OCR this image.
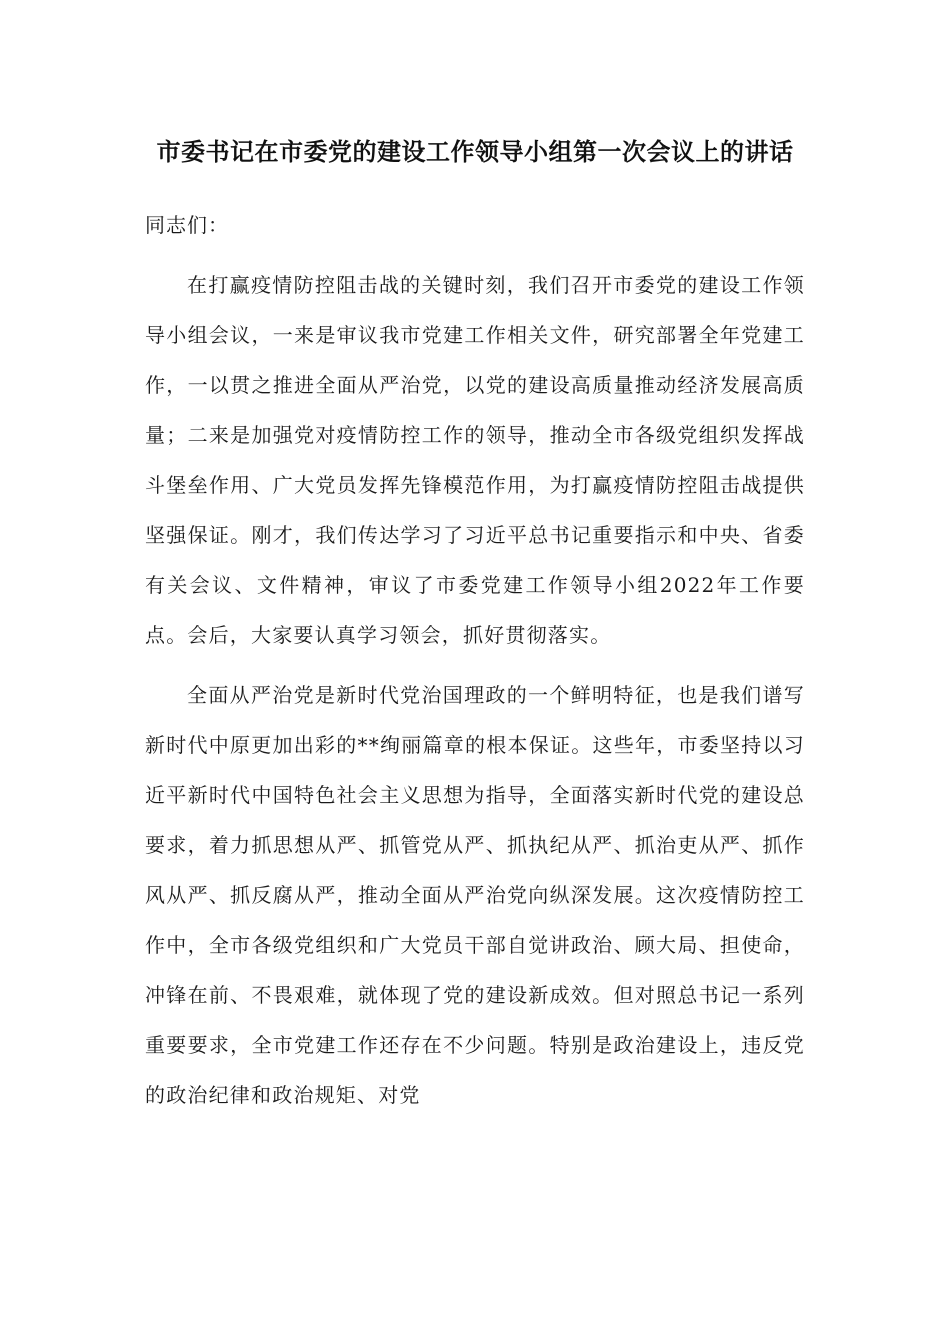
市委书记在市委党的建设工作领导小组第一次会议上的讲话

同志们：

在打赢疫情防控阻击战的关键时刻，我们召开市委党的建设工作领导小组会议，一来是审议我市党建工作相关文件，研究部署全年党建工作，一以贯之推进全面从严治党，以党的建设高质量推动经济发展高质量；二来是加强党对疫情防控工作的领导，推动全市各级党组织发挥战斗堡垒作用、广大党员发挥先锋模范作用，为打赢疫情防控阻击战提供坚强保证。刚才，我们传达学习了习近平总书记重要指示和中央、省委有关会议、文件精神，审议了市委党建工作领导小组2022年工作要点。会后，大家要认真学习领会，抓好贯彻落实。

全面从严治党是新时代党治国理政的一个鲜明特征，也是我们谱写新时代中原更加出彩的**绚丽篇章的根本保证。这些年，市委坚持以习近平新时代中国特色社会主义思想为指导，全面落实新时代党的建设总要求，着力抓思想从严、抓管党从严、抓执纪从严、抓治吏从严、抓作风从严、抓反腐从严，推动全面从严治党向纵深发展。这次疫情防控工作中，全市各级党组织和广大党员干部自觉讲政治、顾大局、担使命，冲锋在前、不畏艰难，就体现了党的建设新成效。但对照总书记一系列重要要求，全市党建工作还存在不少问题。特别是政治建设上，违反党的政治纪律和政治规矩、对党
